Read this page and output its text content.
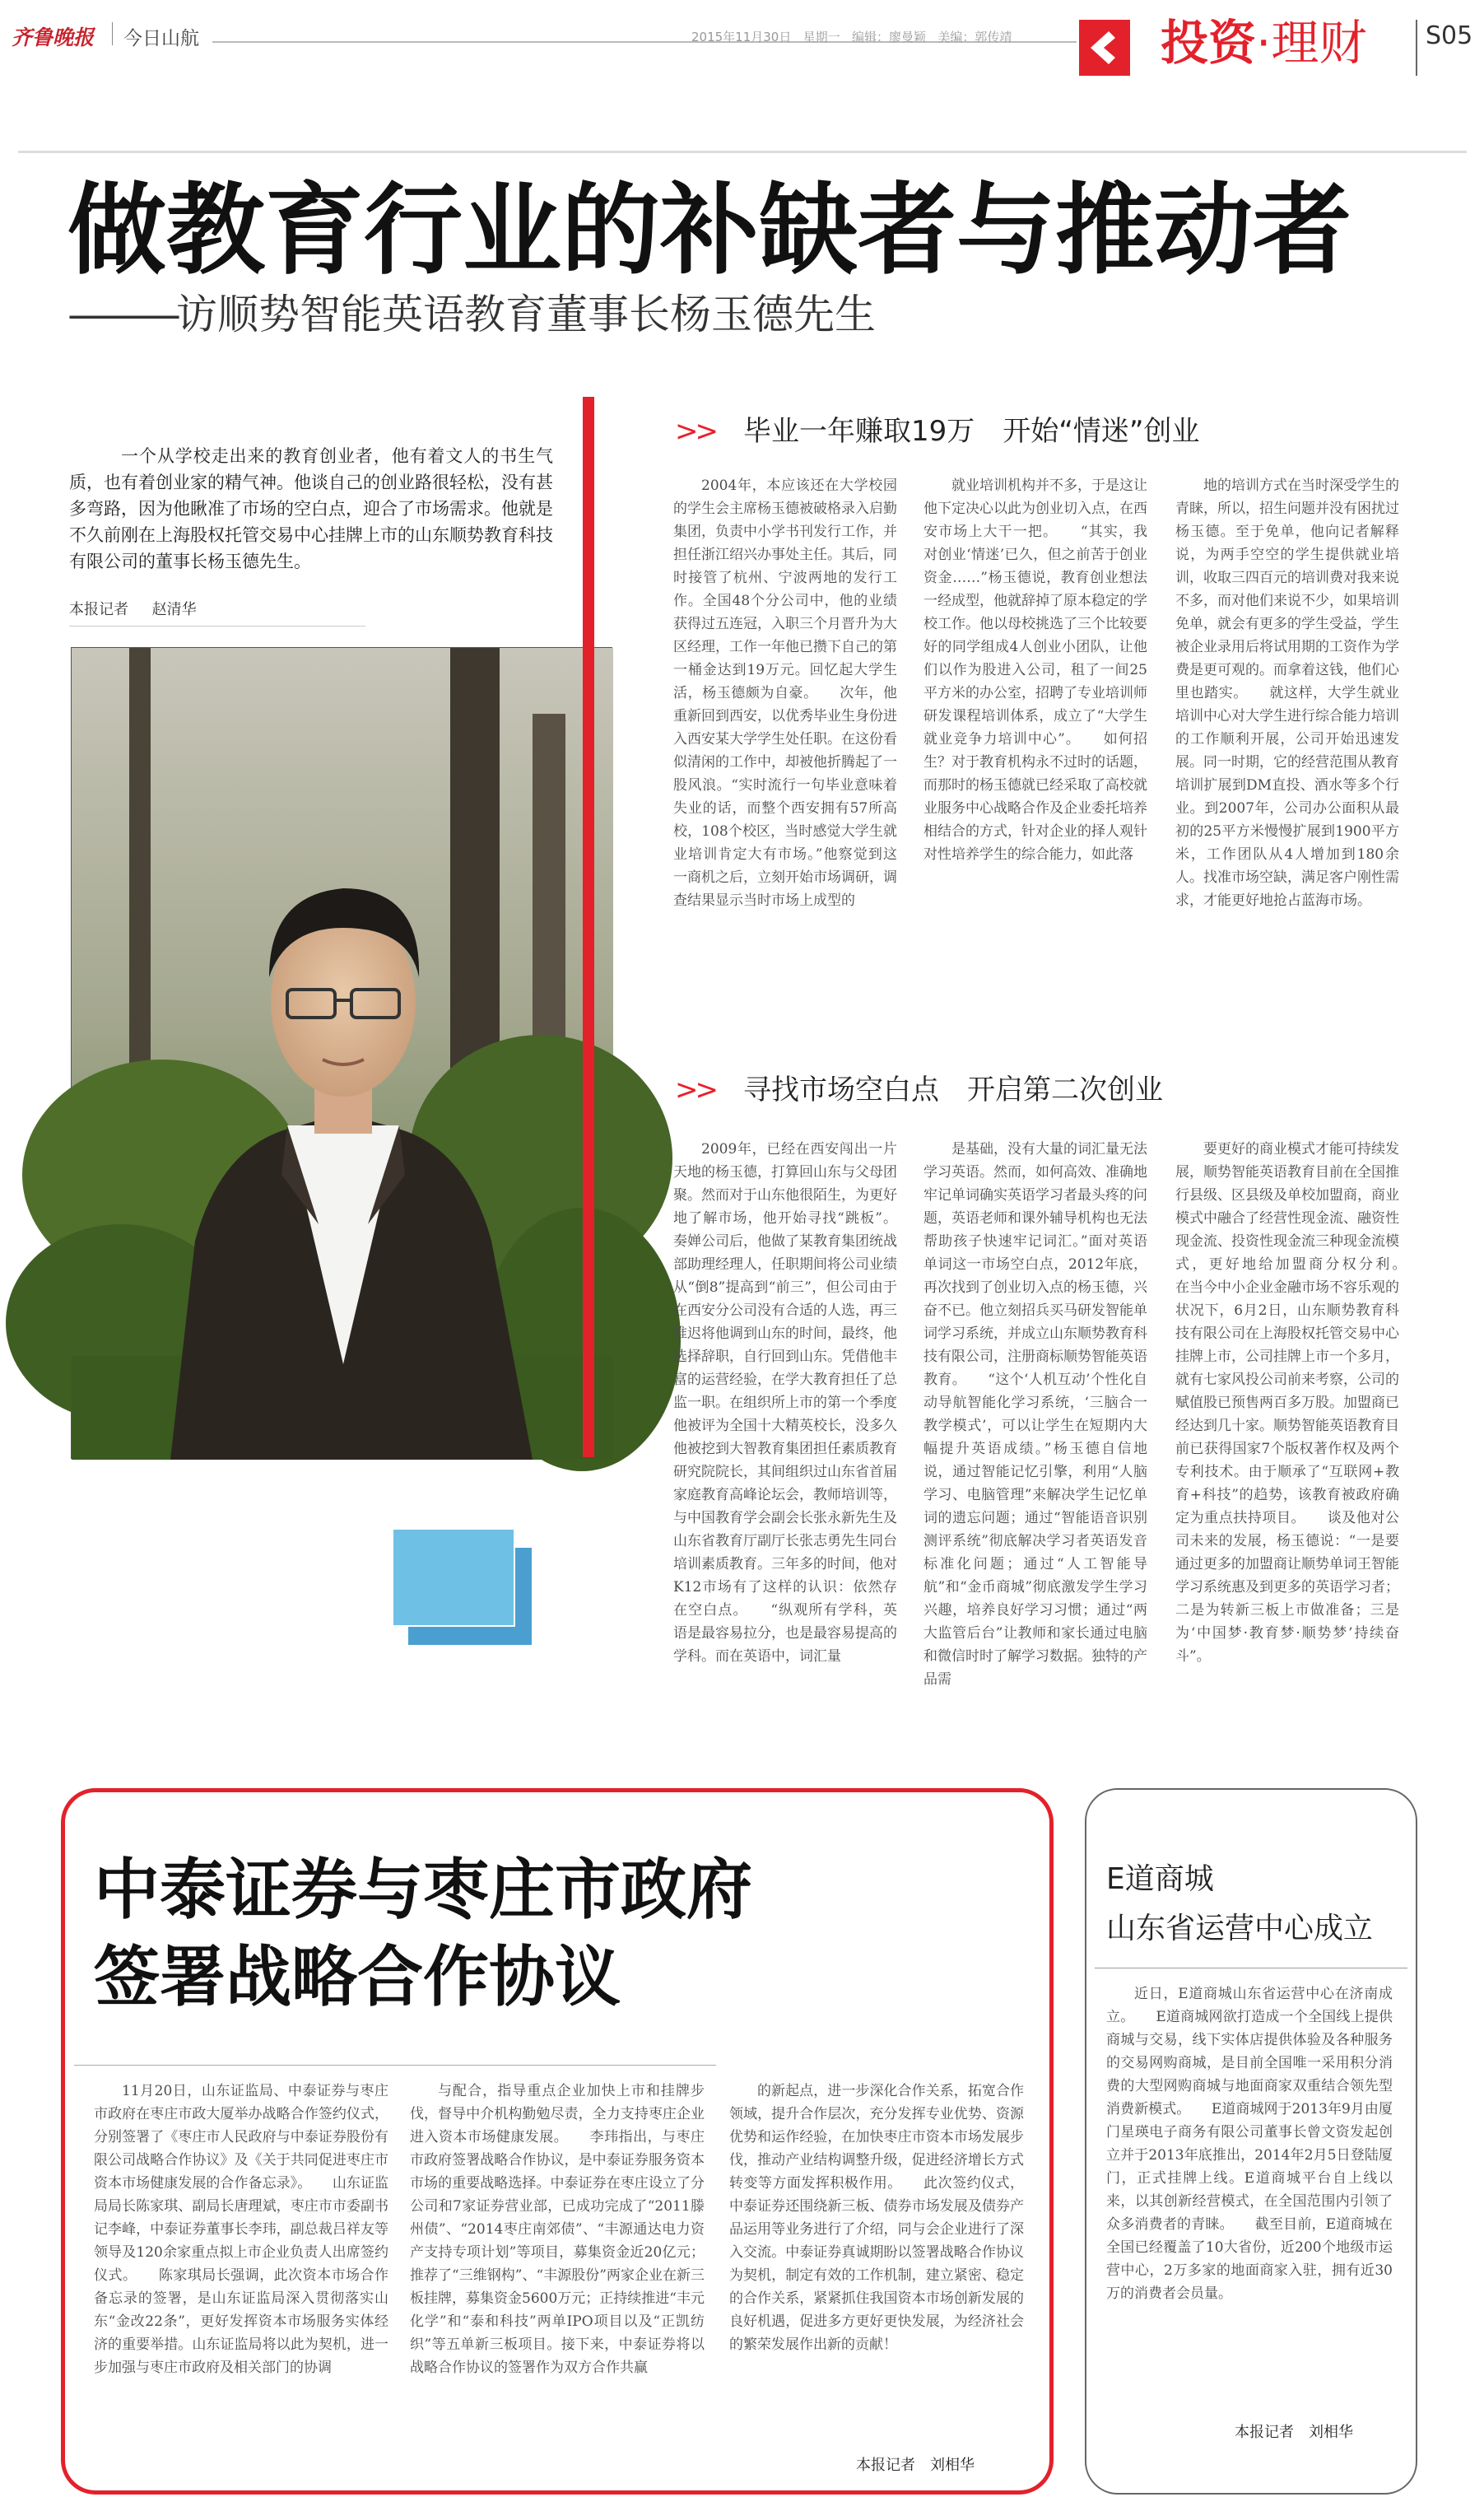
齐鲁晚报 今日山航	2015年11月30日 星期一 编辑：廖曼颖 美编：郭传靖	投资·理财 S05
做教育行业的补缺者与推动者
———访顺势智能英语教育董事长杨玉德先生
一个从学校走出来的教育创业者，他有着文人的书生气质，也有着创业家的精气神。他谈自己的创业路很轻松，没有甚多弯路，因为他瞅准了市场的空白点，迎合了市场需求。他就是不久前刚在上海股权托管交易中心挂牌上市的山东顺势教育科技有限公司的董事长杨玉德先生。
本报记者 赵清华
>> 毕业一年赚取19万　开始“情迷”创业

2004年，本应该还在大学校园的学生会主席杨玉德被破格录入启勤集团，负责中小学书刊发行工作，并担任浙江绍兴办事处主任。其后，同时接管了杭州、宁波两地的发行工作。全国48个分公司中，他的业绩获得过五连冠，入职三个月晋升为大区经理，工作一年他已攒下自己的第一桶金达到19万元。回忆起大学生活，杨玉德颇为自豪。　　次年，他重新回到西安，以优秀毕业生身份进入西安某大学学生处任职。在这份看似清闲的工作中，却被他折腾起了一股风浪。“实时流行一句毕业意味着失业的话，而整个西安拥有57所高校，108个校区，当时感觉大学生就业培训肯定大有市场。”他察觉到这一商机之后，立刻开始市场调研，调查结果显示当时市场上成型的

就业培训机构并不多，于是这让他下定决心以此为创业切入点，在西安市场上大干一把。　　“其实，我对创业‘情迷’已久，但之前苦于创业资金……”杨玉德说，教育创业想法一经成型，他就辞掉了原本稳定的学校工作。他以母校挑选了三个比较要好的同学组成4人创业小团队，让他们以作为股进入公司，租了一间25平方米的办公室，招聘了专业培训师研发课程培训体系，成立了“大学生就业竞争力培训中心”。　　如何招生？对于教育机构永不过时的话题，而那时的杨玉德就已经采取了高校就业服务中心战略合作及企业委托培养相结合的方式，针对企业的择人观针对性培养学生的综合能力，如此落

地的培训方式在当时深受学生的青睐，所以，招生问题并没有困扰过杨玉德。至于免单，他向记者解释说，为两手空空的学生提供就业培训，收取三四百元的培训费对我来说不多，而对他们来说不少，如果培训免单，就会有更多的学生受益，学生被企业录用后将试用期的工资作为学费是更可观的。而拿着这钱，他们心里也踏实。　　就这样，大学生就业培训中心对大学生进行综合能力培训的工作顺利开展，公司开始迅速发展。同一时期，它的经营范围从教育培训扩展到DM直投、酒水等多个行业。到2007年，公司办公面积从最初的25平方米慢慢扩展到1900平方米，工作团队从4人增加到180余人。找准市场空缺，满足客户刚性需求，才能更好地抢占蓝海市场。

>> 寻找市场空白点　开启第二次创业

2009年，已经在西安闯出一片天地的杨玉德，打算回山东与父母团聚。然而对于山东他很陌生，为更好地了解市场，他开始寻找“跳板”。奏婵公司后，他做了某教育集团统战部助理经理人，任职期间将公司业绩从“倒8”提高到“前三”，但公司由于在西安分公司没有合适的人选，再三推迟将他调到山东的时间，最终，他选择辞职，自行回到山东。凭借他丰富的运营经验，在学大教育担任了总监一职。在组织所上市的第一个季度他被评为全国十大精英校长，没多久他被挖到大智教育集团担任素质教育研究院院长，其间组织过山东省首届家庭教育高峰论坛会，教师培训等，与中国教育学会副会长张永新先生及山东省教育厅副厅长张志勇先生同台培训素质教育。三年多的时间，他对K12市场有了这样的认识：依然存在空白点。　　“纵观所有学科，英语是最容易拉分，也是最容易提高的学科。而在英语中，词汇量

是基础，没有大量的词汇量无法学习英语。然而，如何高效、准确地牢记单词确实英语学习者最头疼的问题，英语老师和课外辅导机构也无法帮助孩子快速牢记词汇。”面对英语单词这一市场空白点，2012年底，再次找到了创业切入点的杨玉德，兴奋不已。他立刻招兵买马研发智能单词学习系统，并成立山东顺势教育科技有限公司，注册商标顺势智能英语教育。　　“这个‘人机互动’个性化自动导航智能化学习系统，‘三脑合一教学模式’，可以让学生在短期内大幅提升英语成绩。”杨玉德自信地说，通过智能记忆引擎，利用“人脑学习、电脑管理”来解决学生记忆单词的遗忘问题；通过“智能语音识别测评系统”彻底解决学习者英语发音标准化问题；通过“人工智能导航”和“金币商城”彻底激发学生学习兴趣，培养良好学习习惯；通过“两大监管后台”让教师和家长通过电脑和微信时时了解学习数据。独特的产品需

要更好的商业模式才能可持续发展，顺势智能英语教育目前在全国推行县级、区县级及单校加盟商，商业模式中融合了经营性现金流、融资性现金流、投资性现金流三种现金流模式，更好地给加盟商分权分利。　　在当今中小企业金融市场不容乐观的状况下，6月2日，山东顺势教育科技有限公司在上海股权托管交易中心挂牌上市，公司挂牌上市一个多月，就有七家风投公司前来考察，公司的赋值股已预售两百多万股。加盟商已经达到几十家。顺势智能英语教育目前已获得国家7个版权著作权及两个专利技术。由于顺承了“互联网+教育+科技”的趋势，该教育被政府确定为重点扶持项目。　　谈及他对公司未来的发展，杨玉德说：“一是要通过更多的加盟商让顺势单词王智能学习系统惠及到更多的英语学习者；二是为转新三板上市做准备；三是为‘中国梦·教育梦·顺势梦’持续奋斗”。

中泰证券与枣庄市政府
签署战略合作协议

11月20日，山东证监局、中泰证券与枣庄市政府在枣庄市政大厦举办战略合作签约仪式，分别签署了《枣庄市人民政府与中泰证券股份有限公司战略合作协议》及《关于共同促进枣庄市资本市场健康发展的合作备忘录》。　　山东证监局局长陈家琪、副局长唐理斌，枣庄市市委副书记李峰，中泰证券董事长李玮，副总裁吕祥友等领导及120余家重点拟上市企业负责人出席签约仪式。　　陈家琪局长强调，此次资本市场合作备忘录的签署，是山东证监局深入贯彻落实山东“金改22条”，更好发挥资本市场服务实体经济的重要举措。山东证监局将以此为契机，进一步加强与枣庄市政府及相关部门的协调

与配合，指导重点企业加快上市和挂牌步伐，督导中介机构勤勉尽责，全力支持枣庄企业进入资本市场健康发展。　　李玮指出，与枣庄市政府签署战略合作协议，是中泰证券服务资本市场的重要战略选择。中泰证券在枣庄设立了分公司和7家证券营业部，已成功完成了“2011滕州债”、“2014枣庄南郊债”、“丰源通达电力资产支持专项计划”等项目，募集资金近20亿元；推荐了“三维钢构”、“丰源股份”两家企业在新三板挂牌，募集资金5600万元；正持续推进“丰元化学”和“泰和科技”两单IPO项目以及“正凯纺织”等五单新三板项目。接下来，中泰证券将以战略合作协议的签署作为双方合作共赢

的新起点，进一步深化合作关系，拓宽合作领域，提升合作层次，充分发挥专业优势、资源优势和运作经验，在加快枣庄市资本市场发展步伐，推动产业结构调整升级，促进经济增长方式转变等方面发挥积极作用。　　此次签约仪式，中泰证券还围绕新三板、债券市场发展及债券产品运用等业务进行了介绍，同与会企业进行了深入交流。中泰证券真诚期盼以签署战略合作协议为契机，制定有效的工作机制，建立紧密、稳定的合作关系，紧紧抓住我国资本市场创新发展的良好机遇，促进多方更好更快发展，为经济社会的繁荣发展作出新的贡献！

本报记者　刘相华
E道商城
山东省运营中心成立

近日，E道商城山东省运营中心在济南成立。　　E道商城网欲打造成一个全国线上提供商城与交易，线下实体店提供体验及各种服务的交易网购商城，是目前全国唯一采用积分消费的大型网购商城与地面商家双重结合领先型消费新模式。　　E道商城网于2013年9月由厦门星瑛电子商务有限公司董事长曾文资发起创立并于2013年底推出，2014年2月5日登陆厦门，正式挂牌上线。E道商城平台自上线以来，以其创新经营模式，在全国范围内引领了众多消费者的青睐。　　截至目前，E道商城在全国已经覆盖了10大省份，近200个地级市运营中心，2万多家的地面商家入驻，拥有近30万的消费者会员量。

本报记者　刘相华
